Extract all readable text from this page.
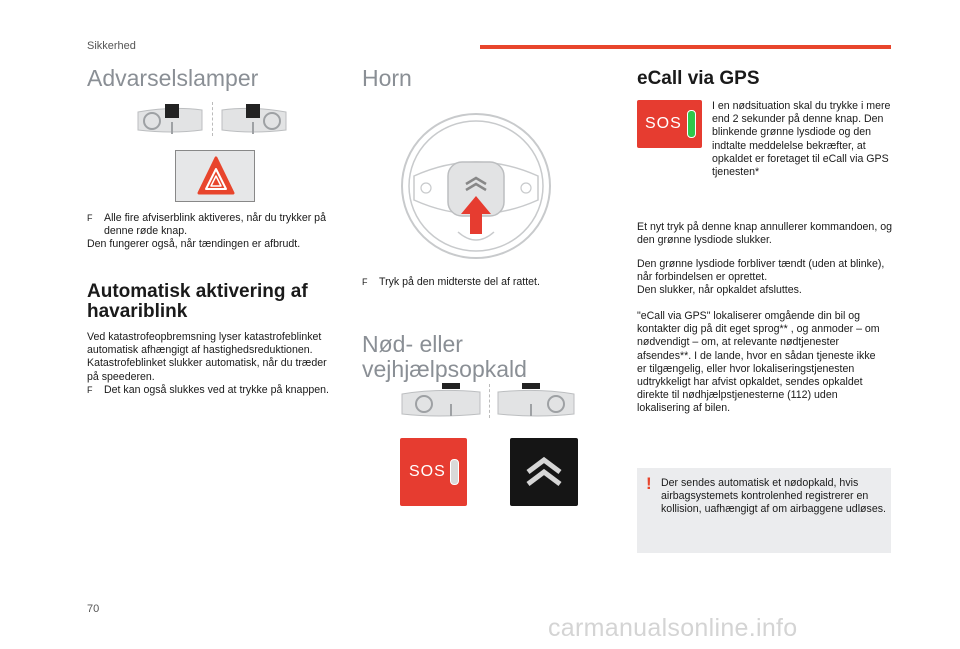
Sikkerhed
Advarselslamper

F Alle fire afviserblink aktiveres, når du trykker på denne røde knap.

Den fungerer også, når tændingen er afbrudt.

Automatisk aktivering af havariblink

Ved katastrofeopbremsning lyser katastrofeblinket automatisk afhængigt af hastighedsreduktionen.

Katastrofeblinket slukker automatisk, når du træder på speederen.

F Det kan også slukkes ved at trykke på knappen.

Horn

F Tryk på den midterste del af rattet.

Nød- eller
vejhjælpsopkald
SOS
eCall via GPS
SOS

I en nødsituation skal du trykke i mere end 2 sekunder på denne knap. Den blinkende grønne lysdiode og den indtalte meddelelse bekræfter, at opkaldet er foretaget til eCall via GPS tjenesten*

Et nyt tryk på denne knap annullerer kommandoen, og den grønne lysdiode slukker.

Den grønne lysdiode forbliver tændt (uden at blinke), når forbindelsen er oprettet.

Den slukker, når opkaldet afsluttes.

"eCall via GPS" lokaliserer omgående din bil og kontakter dig på dit eget sprog** , og anmoder – om nødvendigt – om, at relevante nødtjenester afsendes**. I de lande, hvor en sådan tjeneste ikke er tilgængelig, eller hvor lokaliseringstjenesten udtrykkeligt har afvist opkaldet, sendes opkaldet direkte til nødhjælpstjenesterne (112) uden lokalisering af bilen.

! Der sendes automatisk et nødopkald, hvis airbagsystemets kontrolenhed registrerer en kollision, uafhængigt af om airbaggene udløses.

70
carmanualsonline.info
